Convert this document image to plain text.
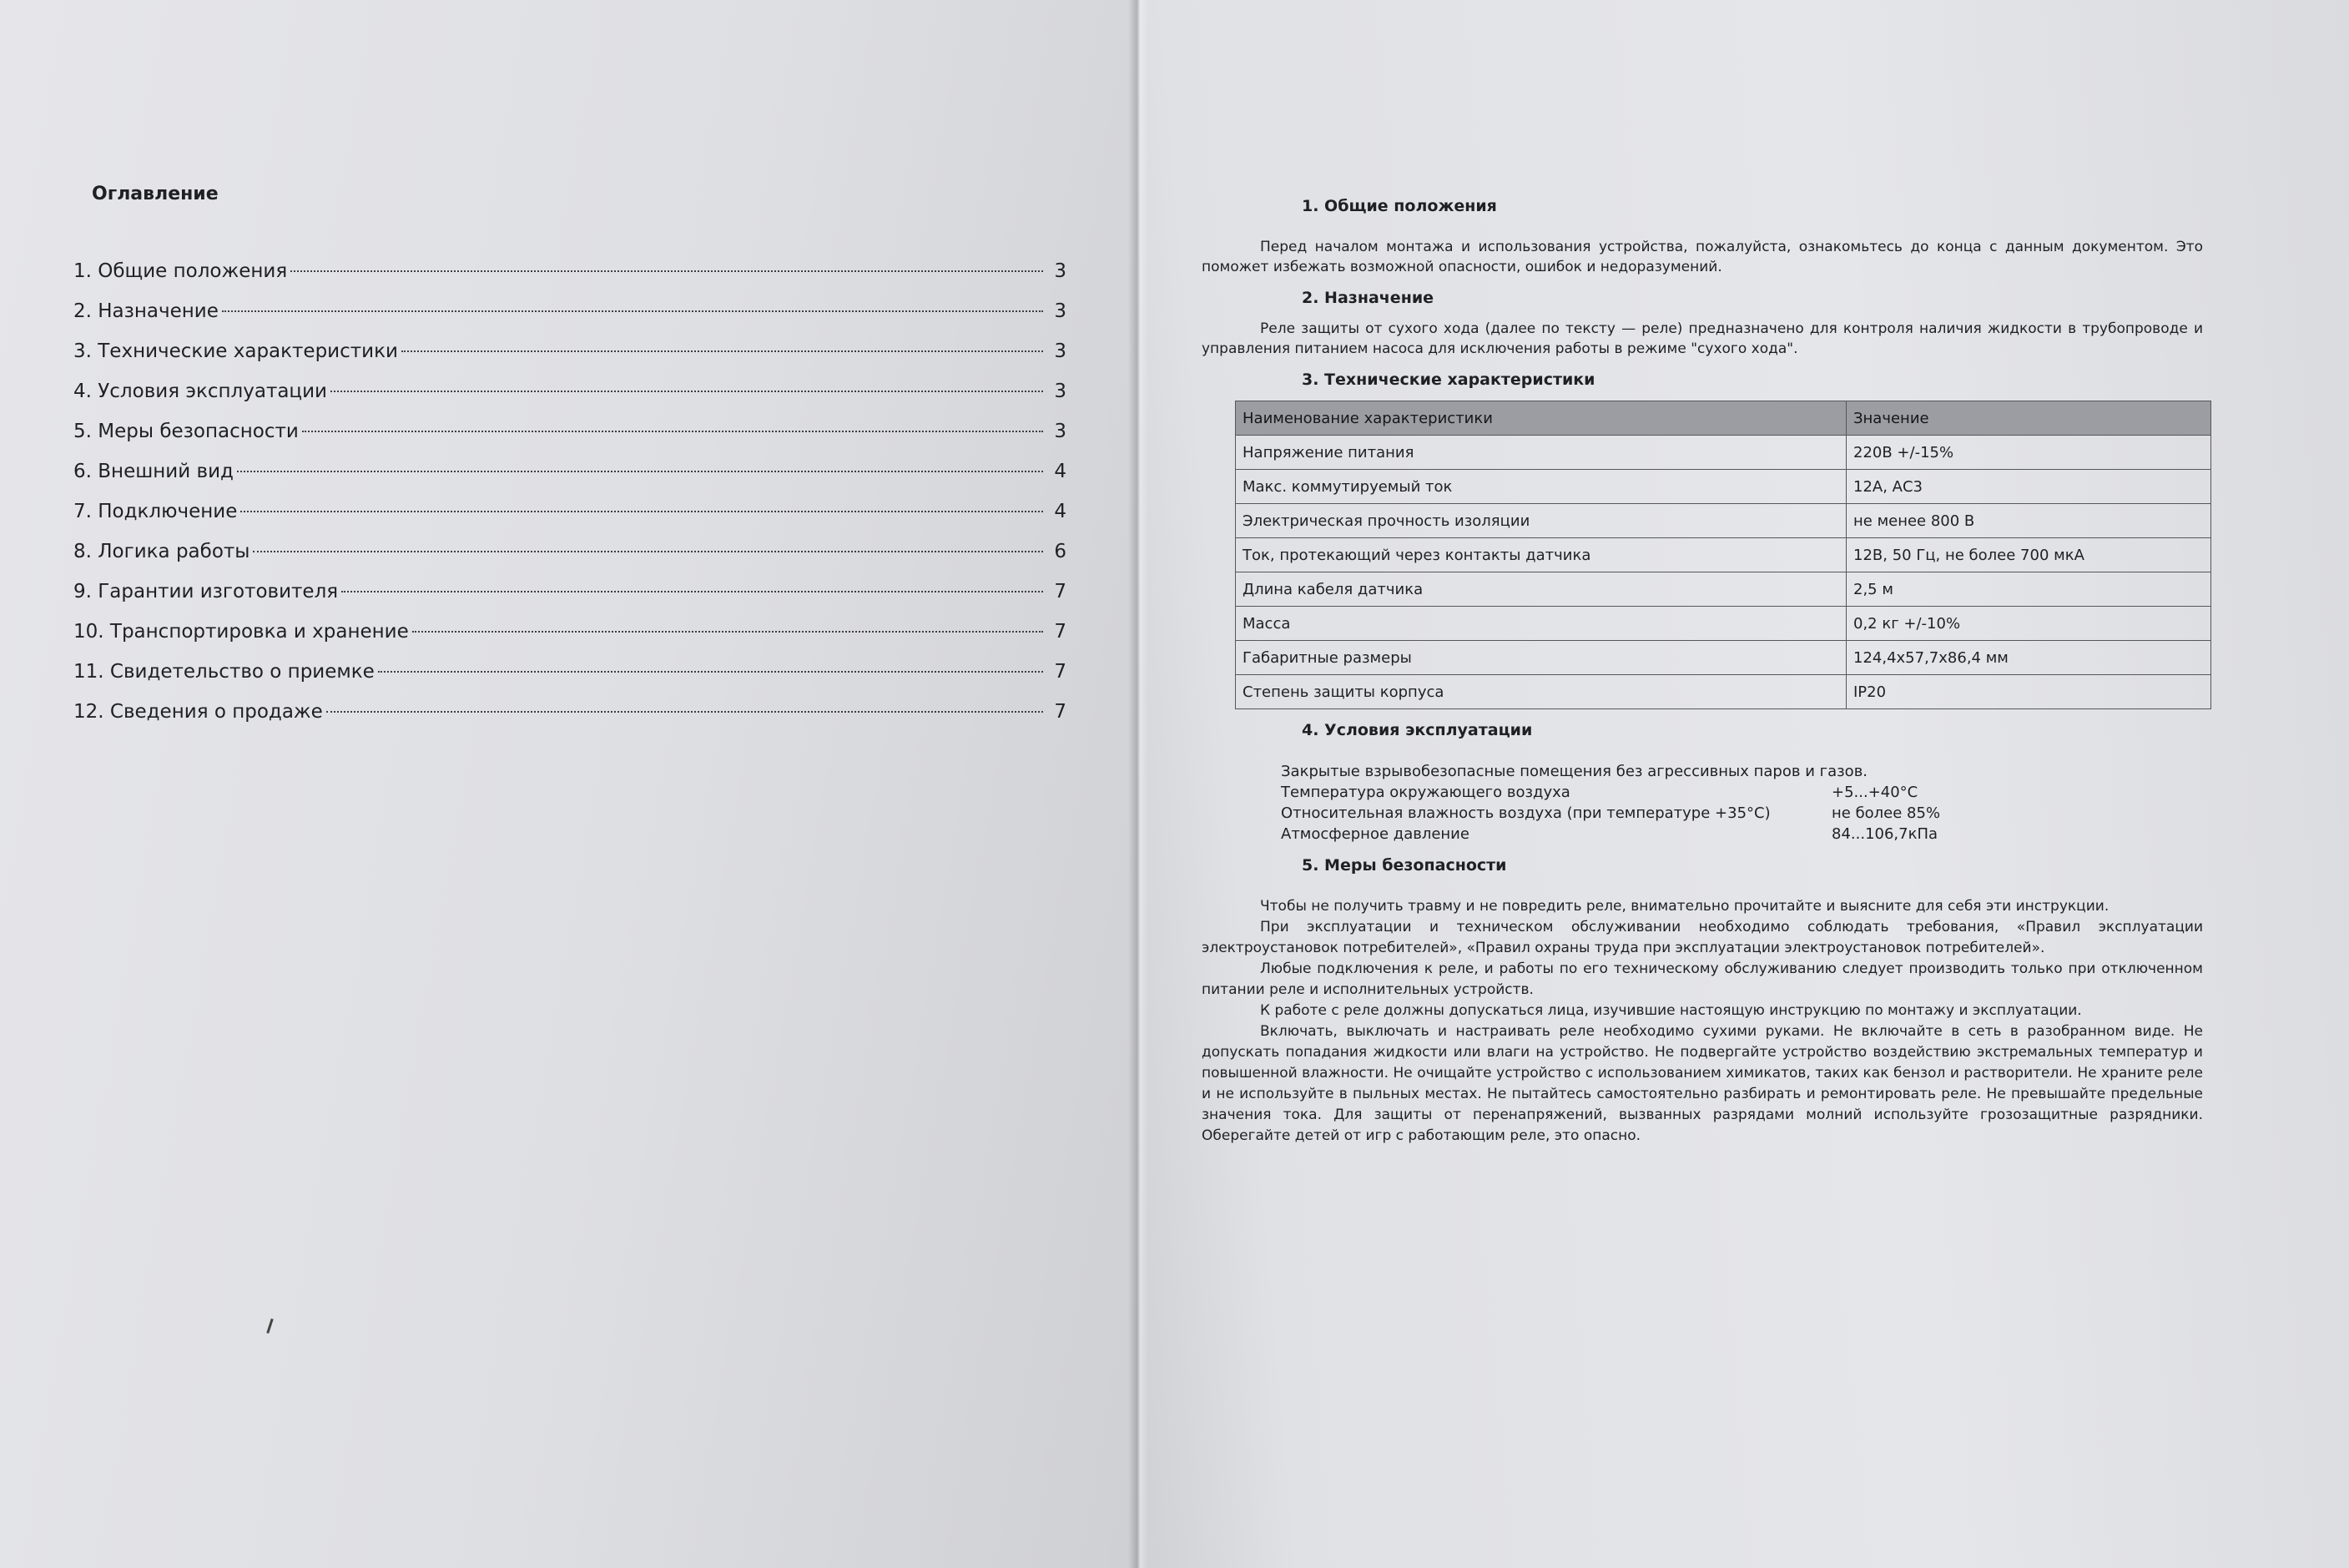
Оглавление
1. Общие положения	3
2. Назначение	3
3. Технические характеристики	3
4. Условия эксплуатации	3
5. Меры безопасности	3
6. Внешний вид	4
7. Подключение	4
8. Логика работы	6
9. Гарантии изготовителя	7
10. Транспортировка и хранение	7
11. Свидетельство о приемке	7
12. Сведения о продаже	7
1. Общие положения
Перед началом монтажа и использования устройства, пожалуйста, ознакомьтесь до конца с данным документом. Это поможет избежать возможной опасности, ошибок и недоразумений.
2. Назначение
Реле защиты от сухого хода (далее по тексту — реле) предназначено для контроля наличия жидкости в трубопроводе и управления питанием насоса для исключения работы в режиме "сухого хода".
3. Технические характеристики
Наименование характеристики	Значение
Напряжение питания	220В +/-15%
Макс. коммутируемый ток	12А, АС3
Электрическая прочность изоляции	не менее 800 В
Ток, протекающий через контакты датчика	12В, 50 Гц, не более 700 мкА
Длина кабеля датчика	2,5 м
Масса	0,2 кг +/-10%
Габаритные размеры	124,4х57,7х86,4 мм
Степень защиты корпуса	IP20
4. Условия эксплуатации
Закрытые взрывобезопасные помещения без агрессивных паров и газов.
Температура окружающего воздуха	+5...+40°С
Относительная влажность воздуха (при температуре +35°С)	не более 85%
Атмосферное давление	84...106,7кПа
5. Меры безопасности
Чтобы не получить травму и не повредить реле, внимательно прочитайте и выясните для себя эти инструкции.
При эксплуатации и техническом обслуживании необходимо соблюдать требования, «Правил эксплуатации электроустановок потребителей», «Правил охраны труда при эксплуатации электроустановок потребителей».
Любые подключения к реле, и работы по его техническому обслуживанию следует производить только при отключенном питании реле и исполнительных устройств.
К работе с реле должны допускаться лица, изучившие настоящую инструкцию по монтажу и эксплуатации.
Включать, выключать и настраивать реле необходимо сухими руками. Не включайте в сеть в разобранном виде. Не допускать попадания жидкости или влаги на устройство. Не подвергайте устройство воздействию экстремальных температур и повышенной влажности. Не очищайте устройство с использованием химикатов, таких как бензол и растворители. Не храните реле и не используйте в пыльных местах. Не пытайтесь самостоятельно разбирать и ремонтировать реле. Не превышайте предельные значения тока. Для защиты от перенапряжений, вызванных разрядами молний используйте грозозащитные разрядники. Оберегайте детей от игр с работающим реле, это опасно.
